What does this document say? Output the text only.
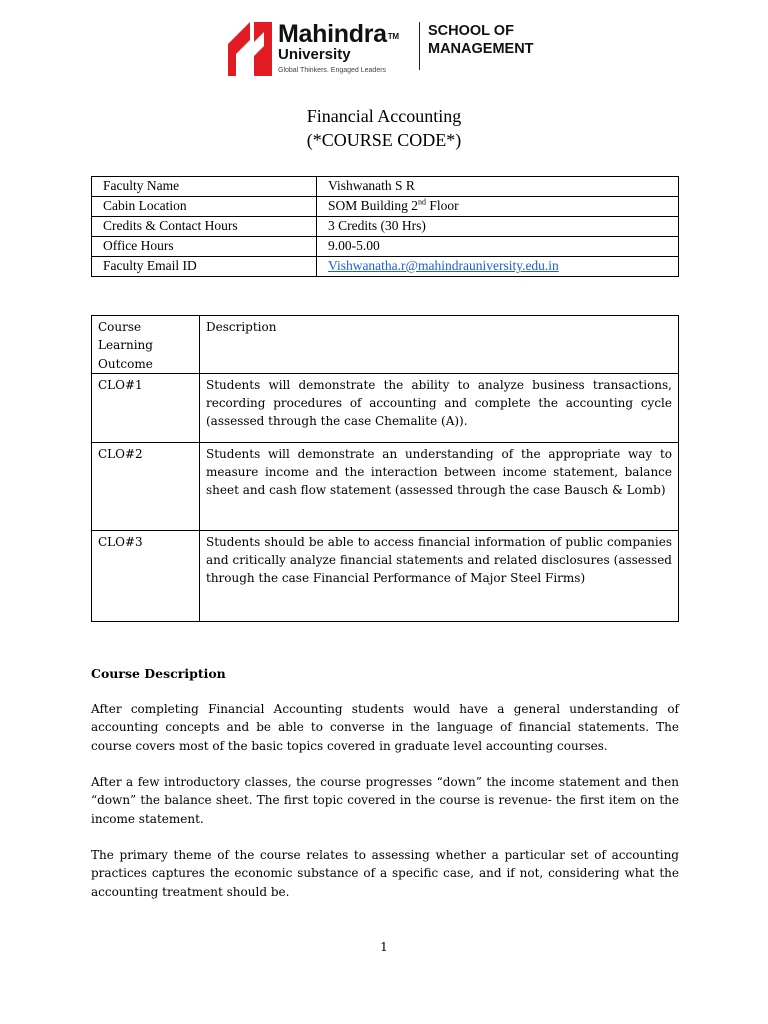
Mahindra™
University
Global Thinkers. Engaged Leaders
SCHOOL OF
MANAGEMENT
Financial Accounting
(*COURSE CODE*)
Faculty Name	Vishwanath S R
Cabin Location	SOM Building 2nd Floor
Credits & Contact Hours	3 Credits (30 Hrs)
Office Hours	9.00-5.00
Faculty Email ID	Vishwanatha.r@mahindrauniversity.edu.in
Course
Learning
Outcome	Description
CLO#1	Students will demonstrate the ability to analyze business transactions, recording procedures of accounting and complete the accounting cycle (assessed through the case Chemalite (A)).
CLO#2	Students will demonstrate an understanding of the appropriate way to measure income and the interaction between income statement, balance sheet and cash flow statement (assessed through the case Bausch & Lomb)
CLO#3	Students should be able to access financial information of public companies and critically analyze financial statements and related disclosures (assessed through the case Financial Performance of Major Steel Firms)
Course Description
After completing Financial Accounting students would have a general understanding of accounting concepts and be able to converse in the language of financial statements. The course covers most of the basic topics covered in graduate level accounting courses.
After a few introductory classes, the course progresses “down” the income statement and then “down” the balance sheet. The first topic covered in the course is revenue- the first item on the income statement.
The primary theme of the course relates to assessing whether a particular set of accounting practices captures the economic substance of a specific case, and if not, considering what the accounting treatment should be.
1
